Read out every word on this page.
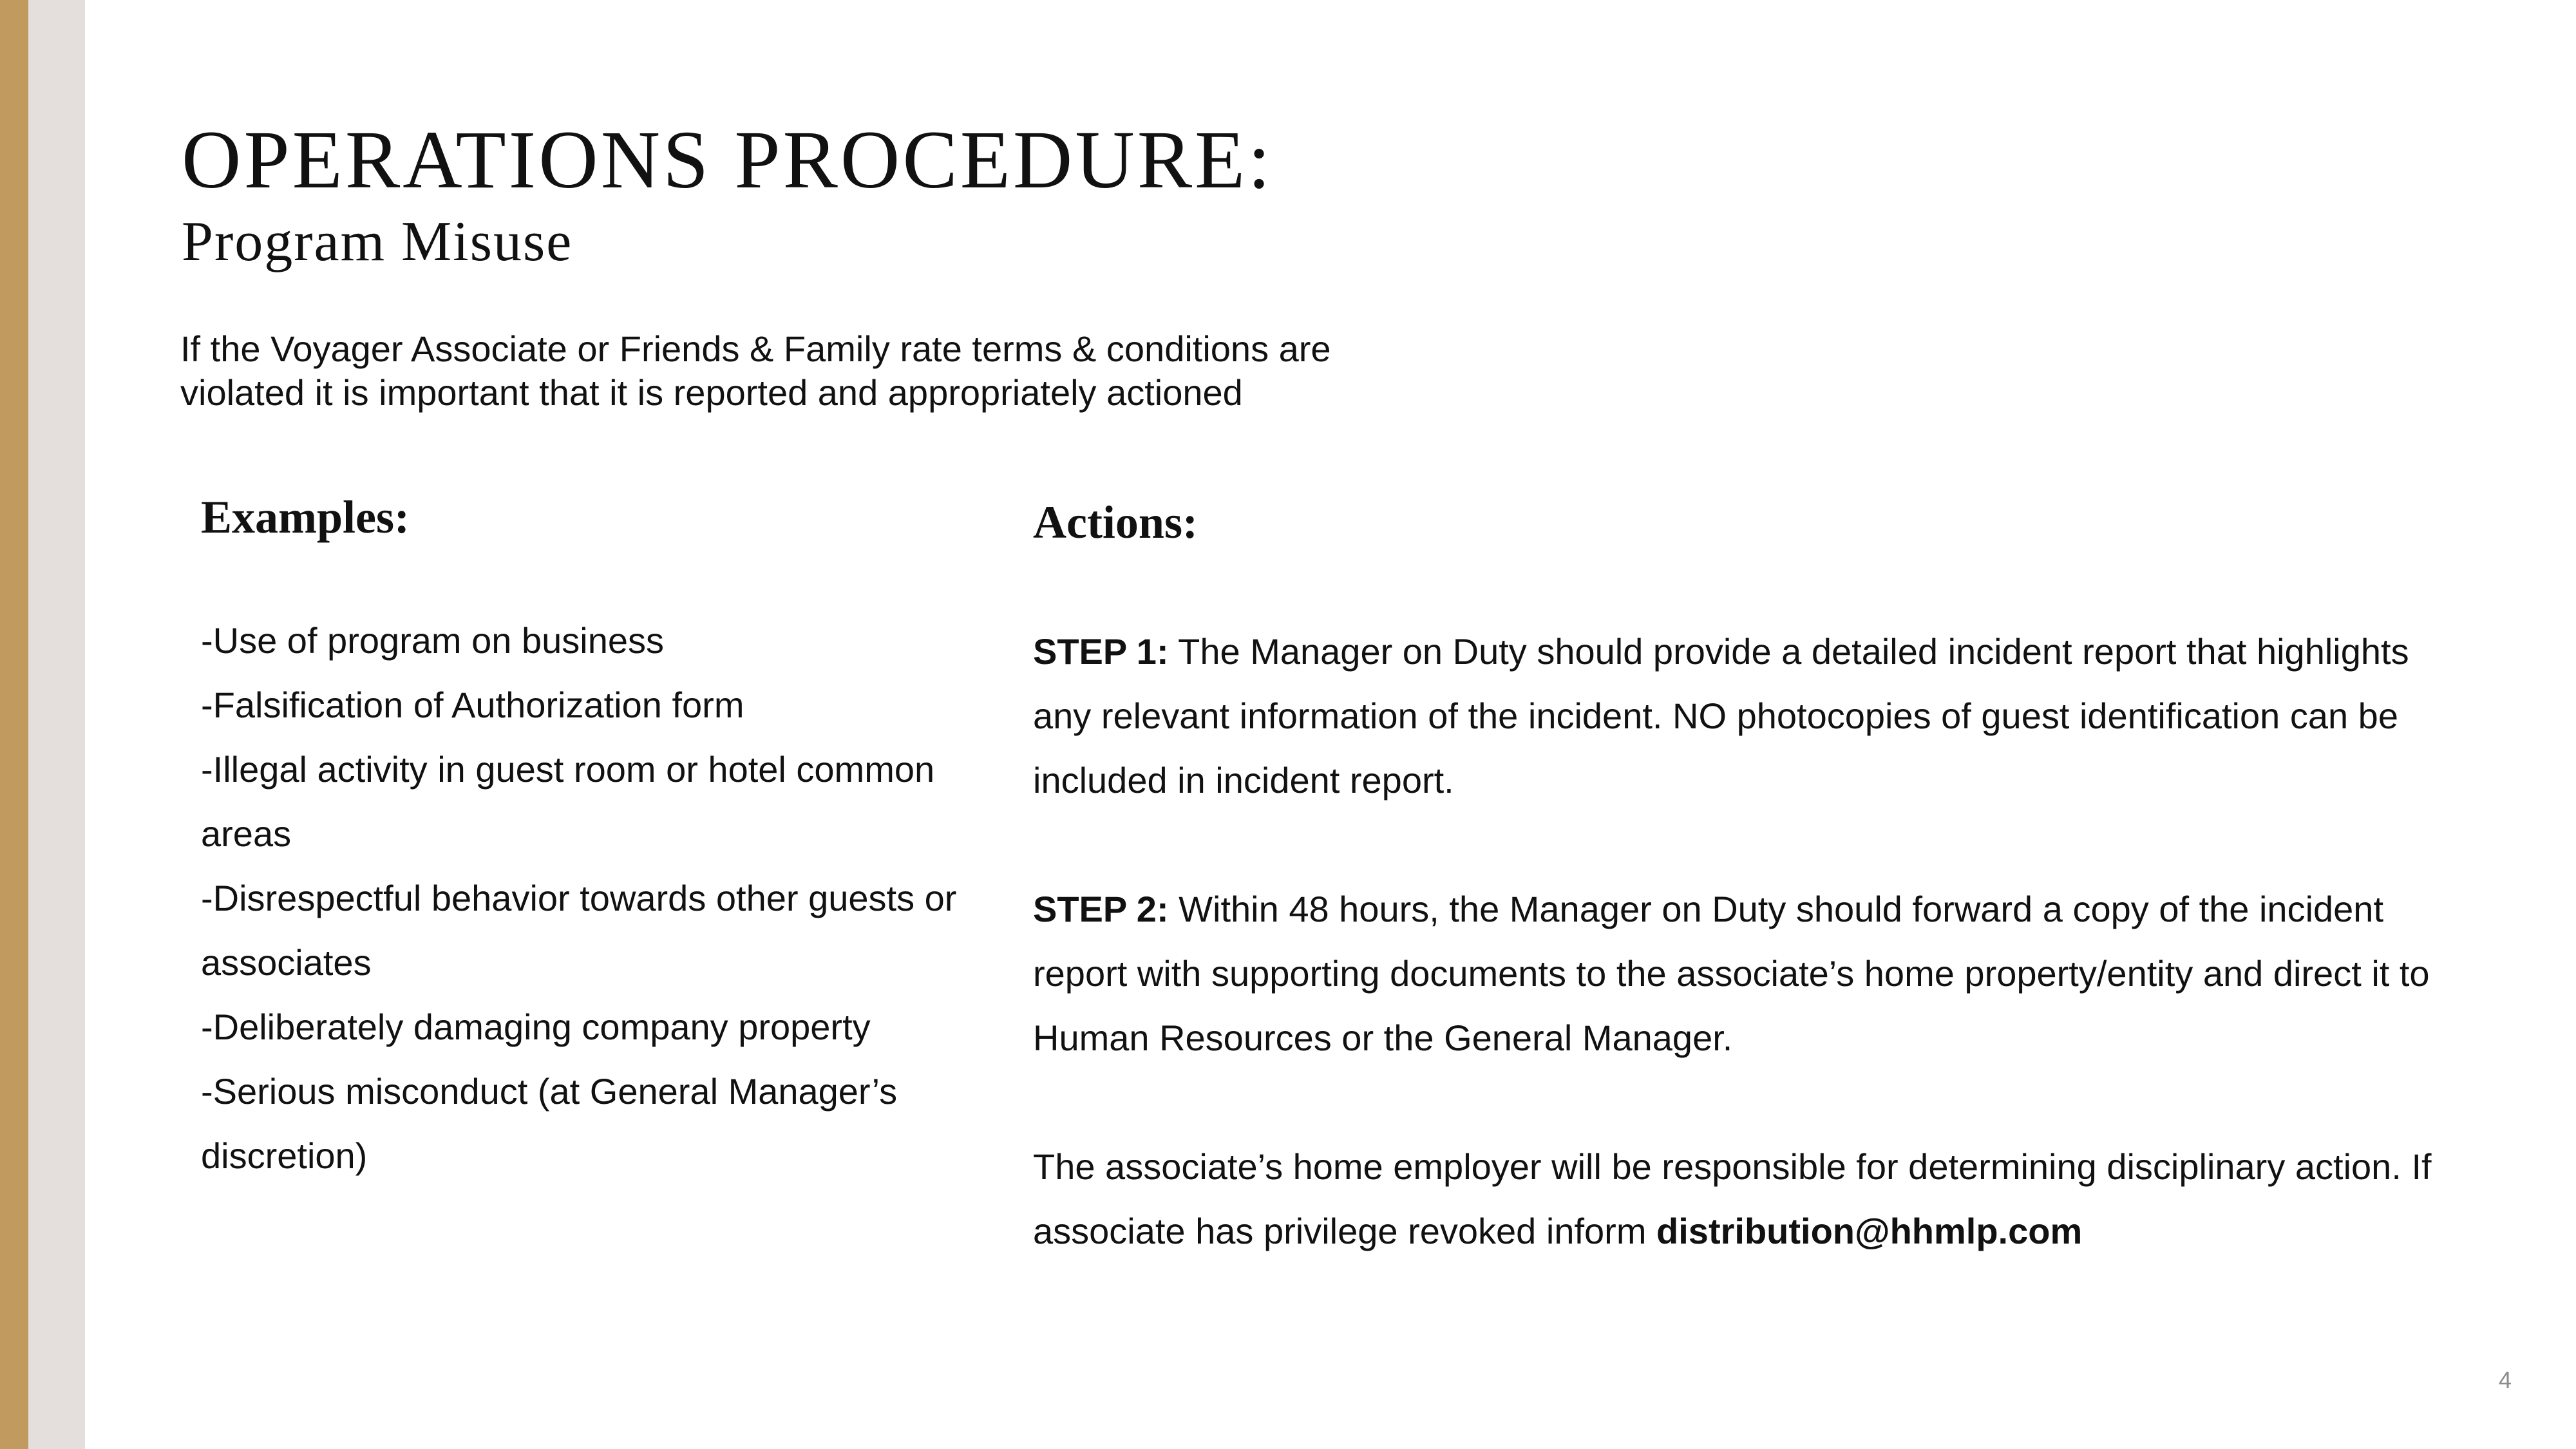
OPERATIONS PROCEDURE:
Program Misuse

If the Voyager Associate or Friends & Family rate terms & conditions are
violated it is important that it is reported and appropriately actioned

Examples:
-Use of program on business
-Falsification of Authorization form
-Illegal activity in guest room or hotel common areas
-Disrespectful behavior towards other guests or associates
-Deliberately damaging company property
-Serious misconduct (at General Manager’s discretion)
Actions:

STEP 1: The Manager on Duty should provide a detailed incident report that highlights any relevant information of the incident. NO photocopies of guest identification can be included in incident report.

STEP 2: Within 48 hours, the Manager on Duty should forward a copy of the incident report with supporting documents to the associate’s home property/entity and direct it to Human Resources or the General Manager.

The associate’s home employer will be responsible for determining disciplinary action. If associate has privilege revoked inform distribution@hhmlp.com

4
